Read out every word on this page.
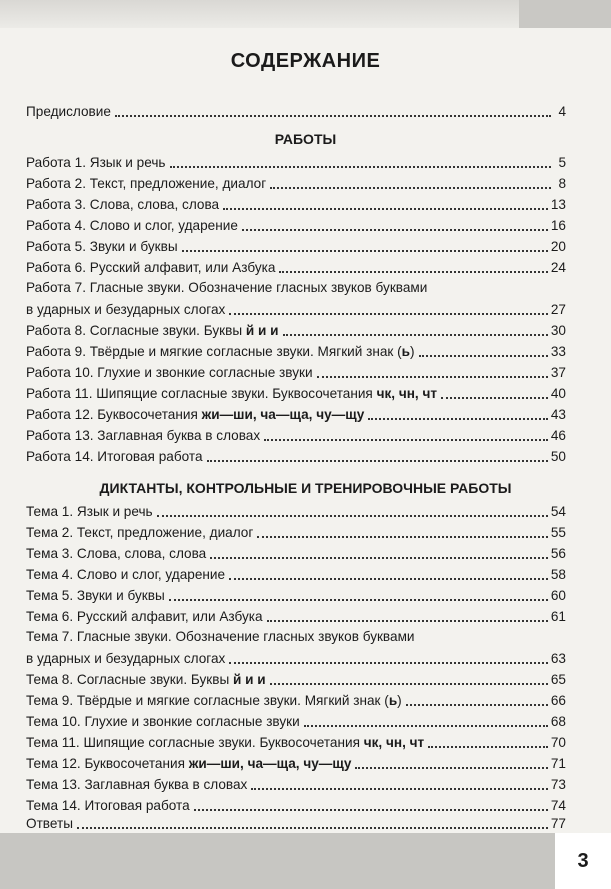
СОДЕРЖАНИЕ
Предисловие	4
РАБОТЫ
Работа 1. Язык и речь	5
Работа 2. Текст, предложение, диалог	8
Работа 3. Слова, слова, слова	13
Работа 4. Слово и слог, ударение	16
Работа 5. Звуки и буквы	20
Работа 6. Русский алфавит, или Азбука	24
Работа 7. Гласные звуки. Обозначение гласных звуков буквами
в ударных и безударных слогах	27
Работа 8. Согласные звуки. Буквы й и и	30
Работа 9. Твёрдые и мягкие согласные звуки. Мягкий знак (ь)	33
Работа 10. Глухие и звонкие согласные звуки	37
Работа 11. Шипящие согласные звуки. Буквосочетания чк, чн, чт	40
Работа 12. Буквосочетания жи—ши, ча—ща, чу—щу	43
Работа 13. Заглавная буква в словах	46
Работа 14. Итоговая работа	50
ДИКТАНТЫ, КОНТРОЛЬНЫЕ И ТРЕНИРОВОЧНЫЕ РАБОТЫ
Тема 1. Язык и речь	54
Тема 2. Текст, предложение, диалог	55
Тема 3. Слова, слова, слова	56
Тема 4. Слово и слог, ударение	58
Тема 5. Звуки и буквы	60
Тема 6. Русский алфавит, или Азбука	61
Тема 7. Гласные звуки. Обозначение гласных звуков буквами
в ударных и безударных слогах	63
Тема 8. Согласные звуки. Буквы й и и	65
Тема 9. Твёрдые и мягкие согласные звуки. Мягкий знак (ь)	66
Тема 10. Глухие и звонкие согласные звуки	68
Тема 11. Шипящие согласные звуки. Буквосочетания чк, чн, чт	70
Тема 12. Буквосочетания жи—ши, ча—ща, чу—щу	71
Тема 13. Заглавная буква в словах	73
Тема 14. Итоговая работа	74
Ответы	77
3
